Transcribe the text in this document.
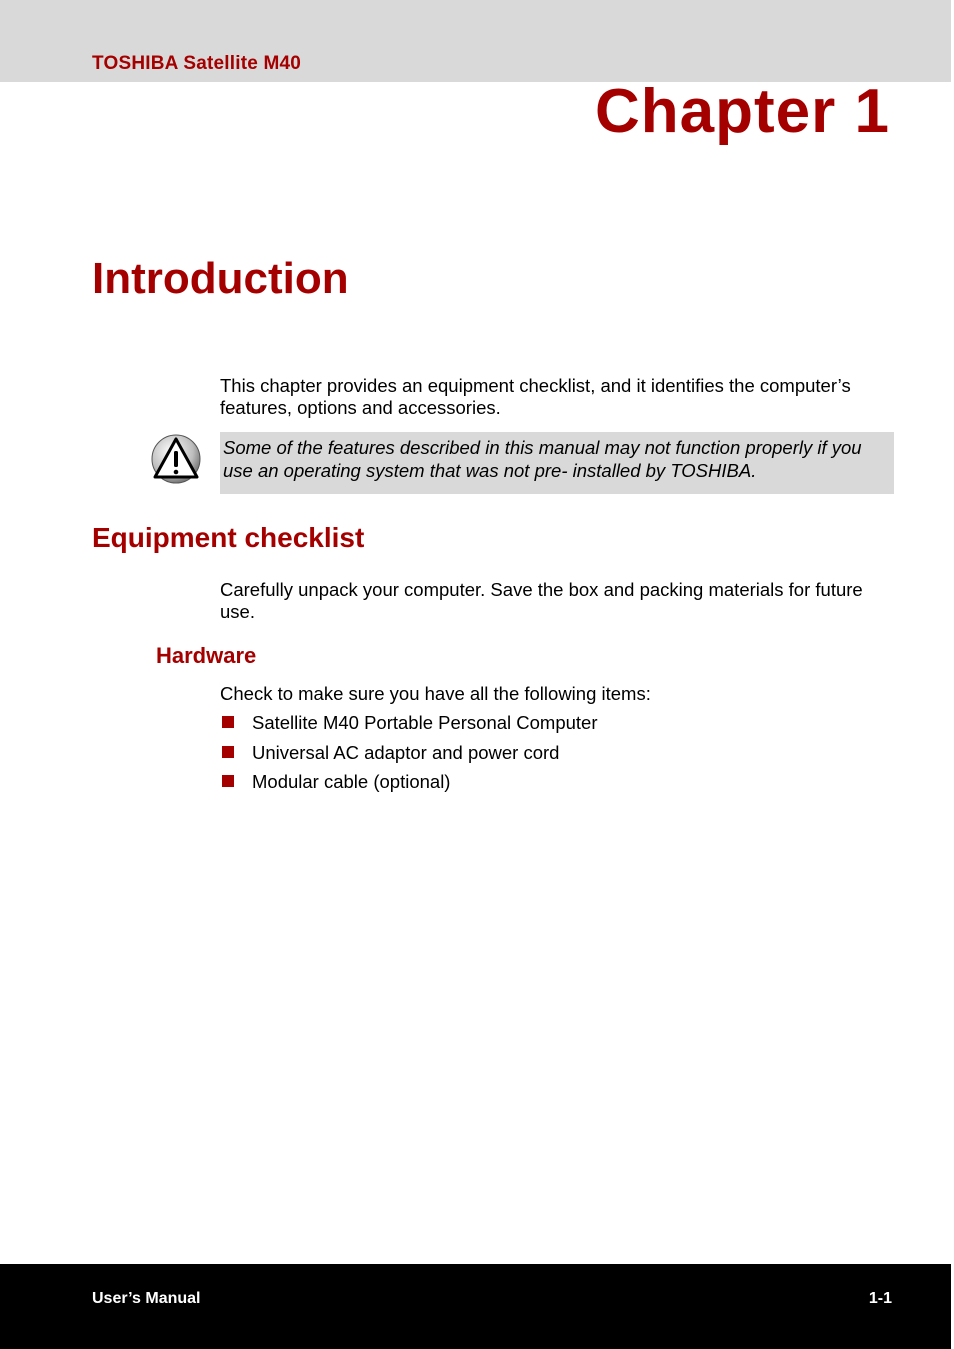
TOSHIBA Satellite M40
Chapter 1
Introduction
This chapter provides an equipment checklist, and it identifies the computer’s features, options and accessories.
Some of the features described in this manual may not function properly if you use an operating system that was not pre- installed by TOSHIBA.
Equipment checklist
Carefully unpack your computer. Save the box and packing materials for future use.
Hardware
Check to make sure you have all the following items:
Satellite M40 Portable Personal Computer
Universal AC adaptor and power cord
Modular cable (optional)
User’s Manual	1-1
